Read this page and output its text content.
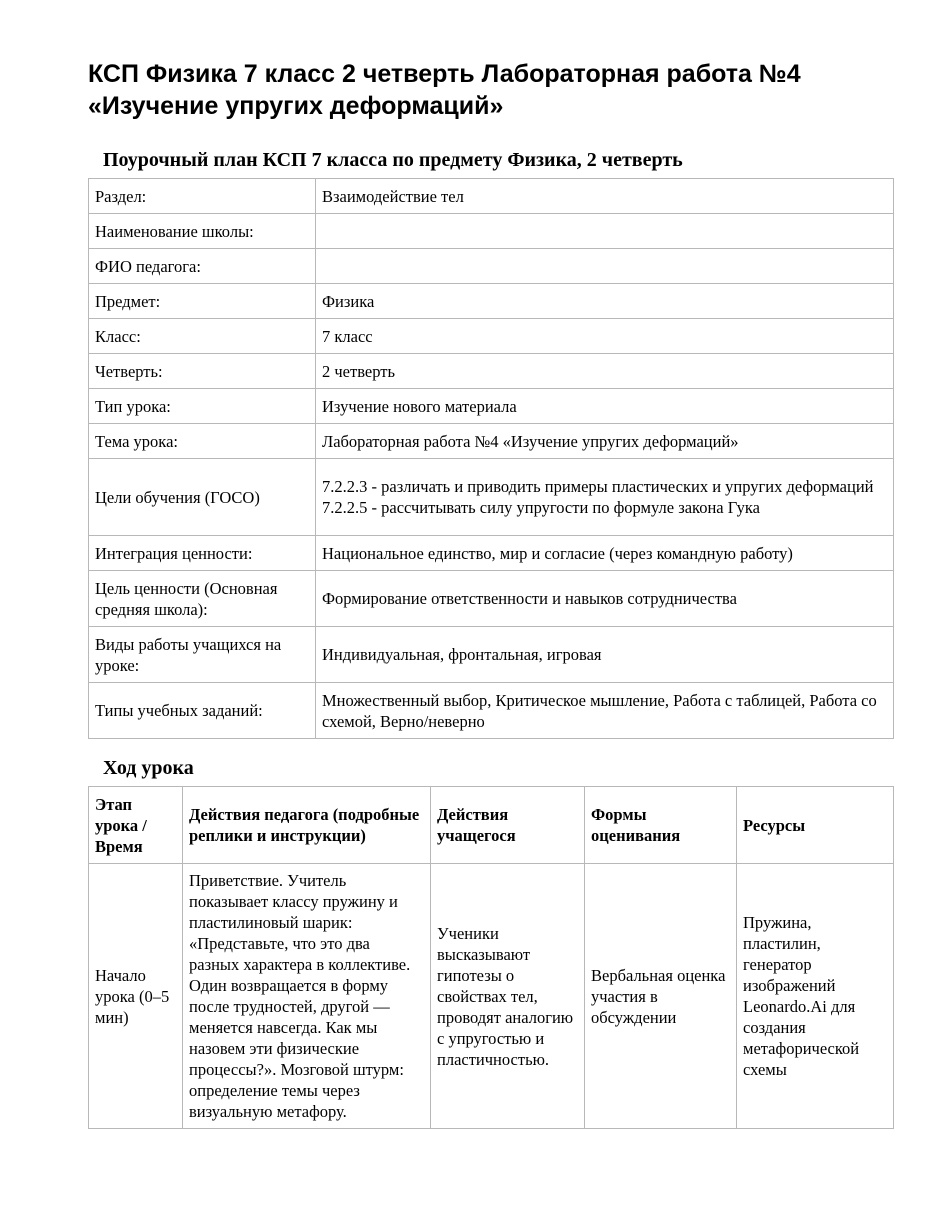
КСП Физика 7 класс 2 четверть Лабораторная работа №4
«Изучение упругих деформаций»
Поурочный план КСП 7 класса по предмету Физика, 2 четверть
Раздел:	Взаимодействие тел
Наименование школы:	
ФИО педагога:	
Предмет:	Физика
Класс:	7 класс
Четверть:	2 четверть
Тип урока:	Изучение нового материала
Тема урока:	Лабораторная работа №4 «Изучение упругих деформаций»
Цели обучения (ГОСО)	7.2.2.3 - различать и приводить примеры пластических и упругих деформаций 7.2.2.5 - рассчитывать силу упругости по формуле закона Гука
Интеграция ценности:	Национальное единство, мир и согласие (через командную работу)
Цель ценности (Основная средняя школа):	Формирование ответственности и навыков сотрудничества
Виды работы учащихся на уроке:	Индивидуальная, фронтальная, игровая
Типы учебных заданий:	Множественный выбор, Критическое мышление, Работа с таблицей, Работа со схемой, Верно/неверно
Ход урока
Этап урока / Время	Действия педагога (подробные реплики и инструкции)	Действия учащегося	Формы оценивания	Ресурсы
Начало урока (0–5 мин)	Приветствие. Учитель показывает классу пружину и пластилиновый шарик: «Представьте, что это два разных характера в коллективе. Один возвращается в форму после трудностей, другой — меняется навсегда. Как мы назовем эти физические процессы?». Мозговой штурм: определение темы через визуальную метафору.	Ученики высказывают гипотезы о свойствах тел, проводят аналогию с упругостью и пластичностью.	Вербальная оценка участия в обсуждении	Пружина, пластилин, генератор изображений Leonardo.Ai для создания метафорической схемы
